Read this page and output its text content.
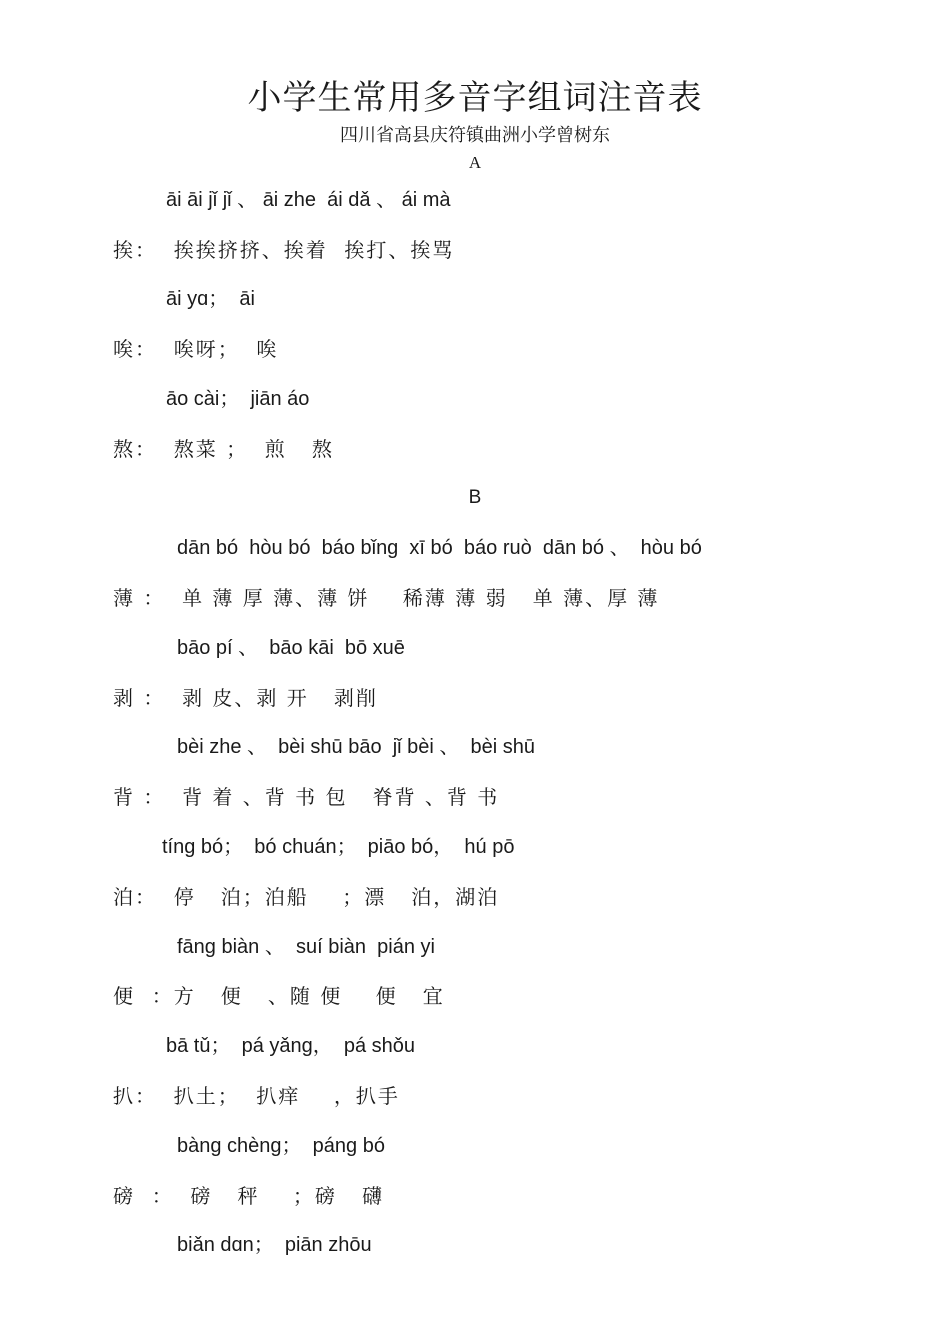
小学生常用多音字组词注音表
四川省高县庆符镇曲洲小学曾树东
A
āi āi jǐ jǐ 、 āi zhe  ái dǎ 、 ái mà
挨：  挨挨挤挤、挨着  挨打、挨骂
āi yɑ；  āi
唉：  唉呀；  唉
āo cài；  jiān áo
熬：  熬菜 ；  煎   熬
B
dān bó  hòu bó  báo bǐng  xī bó  báo ruò  dān bó 、  hòu bó
薄 ：  单 薄 厚 薄、薄 饼    稀薄 薄 弱   单 薄、厚 薄
bāo pí 、  bāo kāi  bō xuē
剥 ：  剥 皮、剥 开   剥削
bèi zhe 、  bèi shū bāo  jǐ bèi 、  bèi shū
背 ：  背 着 、背 书 包   脊背 、背 书
tíng bó；  bó chuán；  piāo bó，  hú pō
泊：  停   泊；泊船    ；漂   泊，湖泊
fāng biàn 、  suí biàn  pián yi
便  ：方   便   、随 便    便   宜
bā tǔ；  pá yǎng，  pá shǒu
扒：  扒土；  扒痒    ，扒手
bàng chèng；  páng bó
磅  ：  磅   秤    ；磅   礴
biǎn dɑn；  piān zhōu
